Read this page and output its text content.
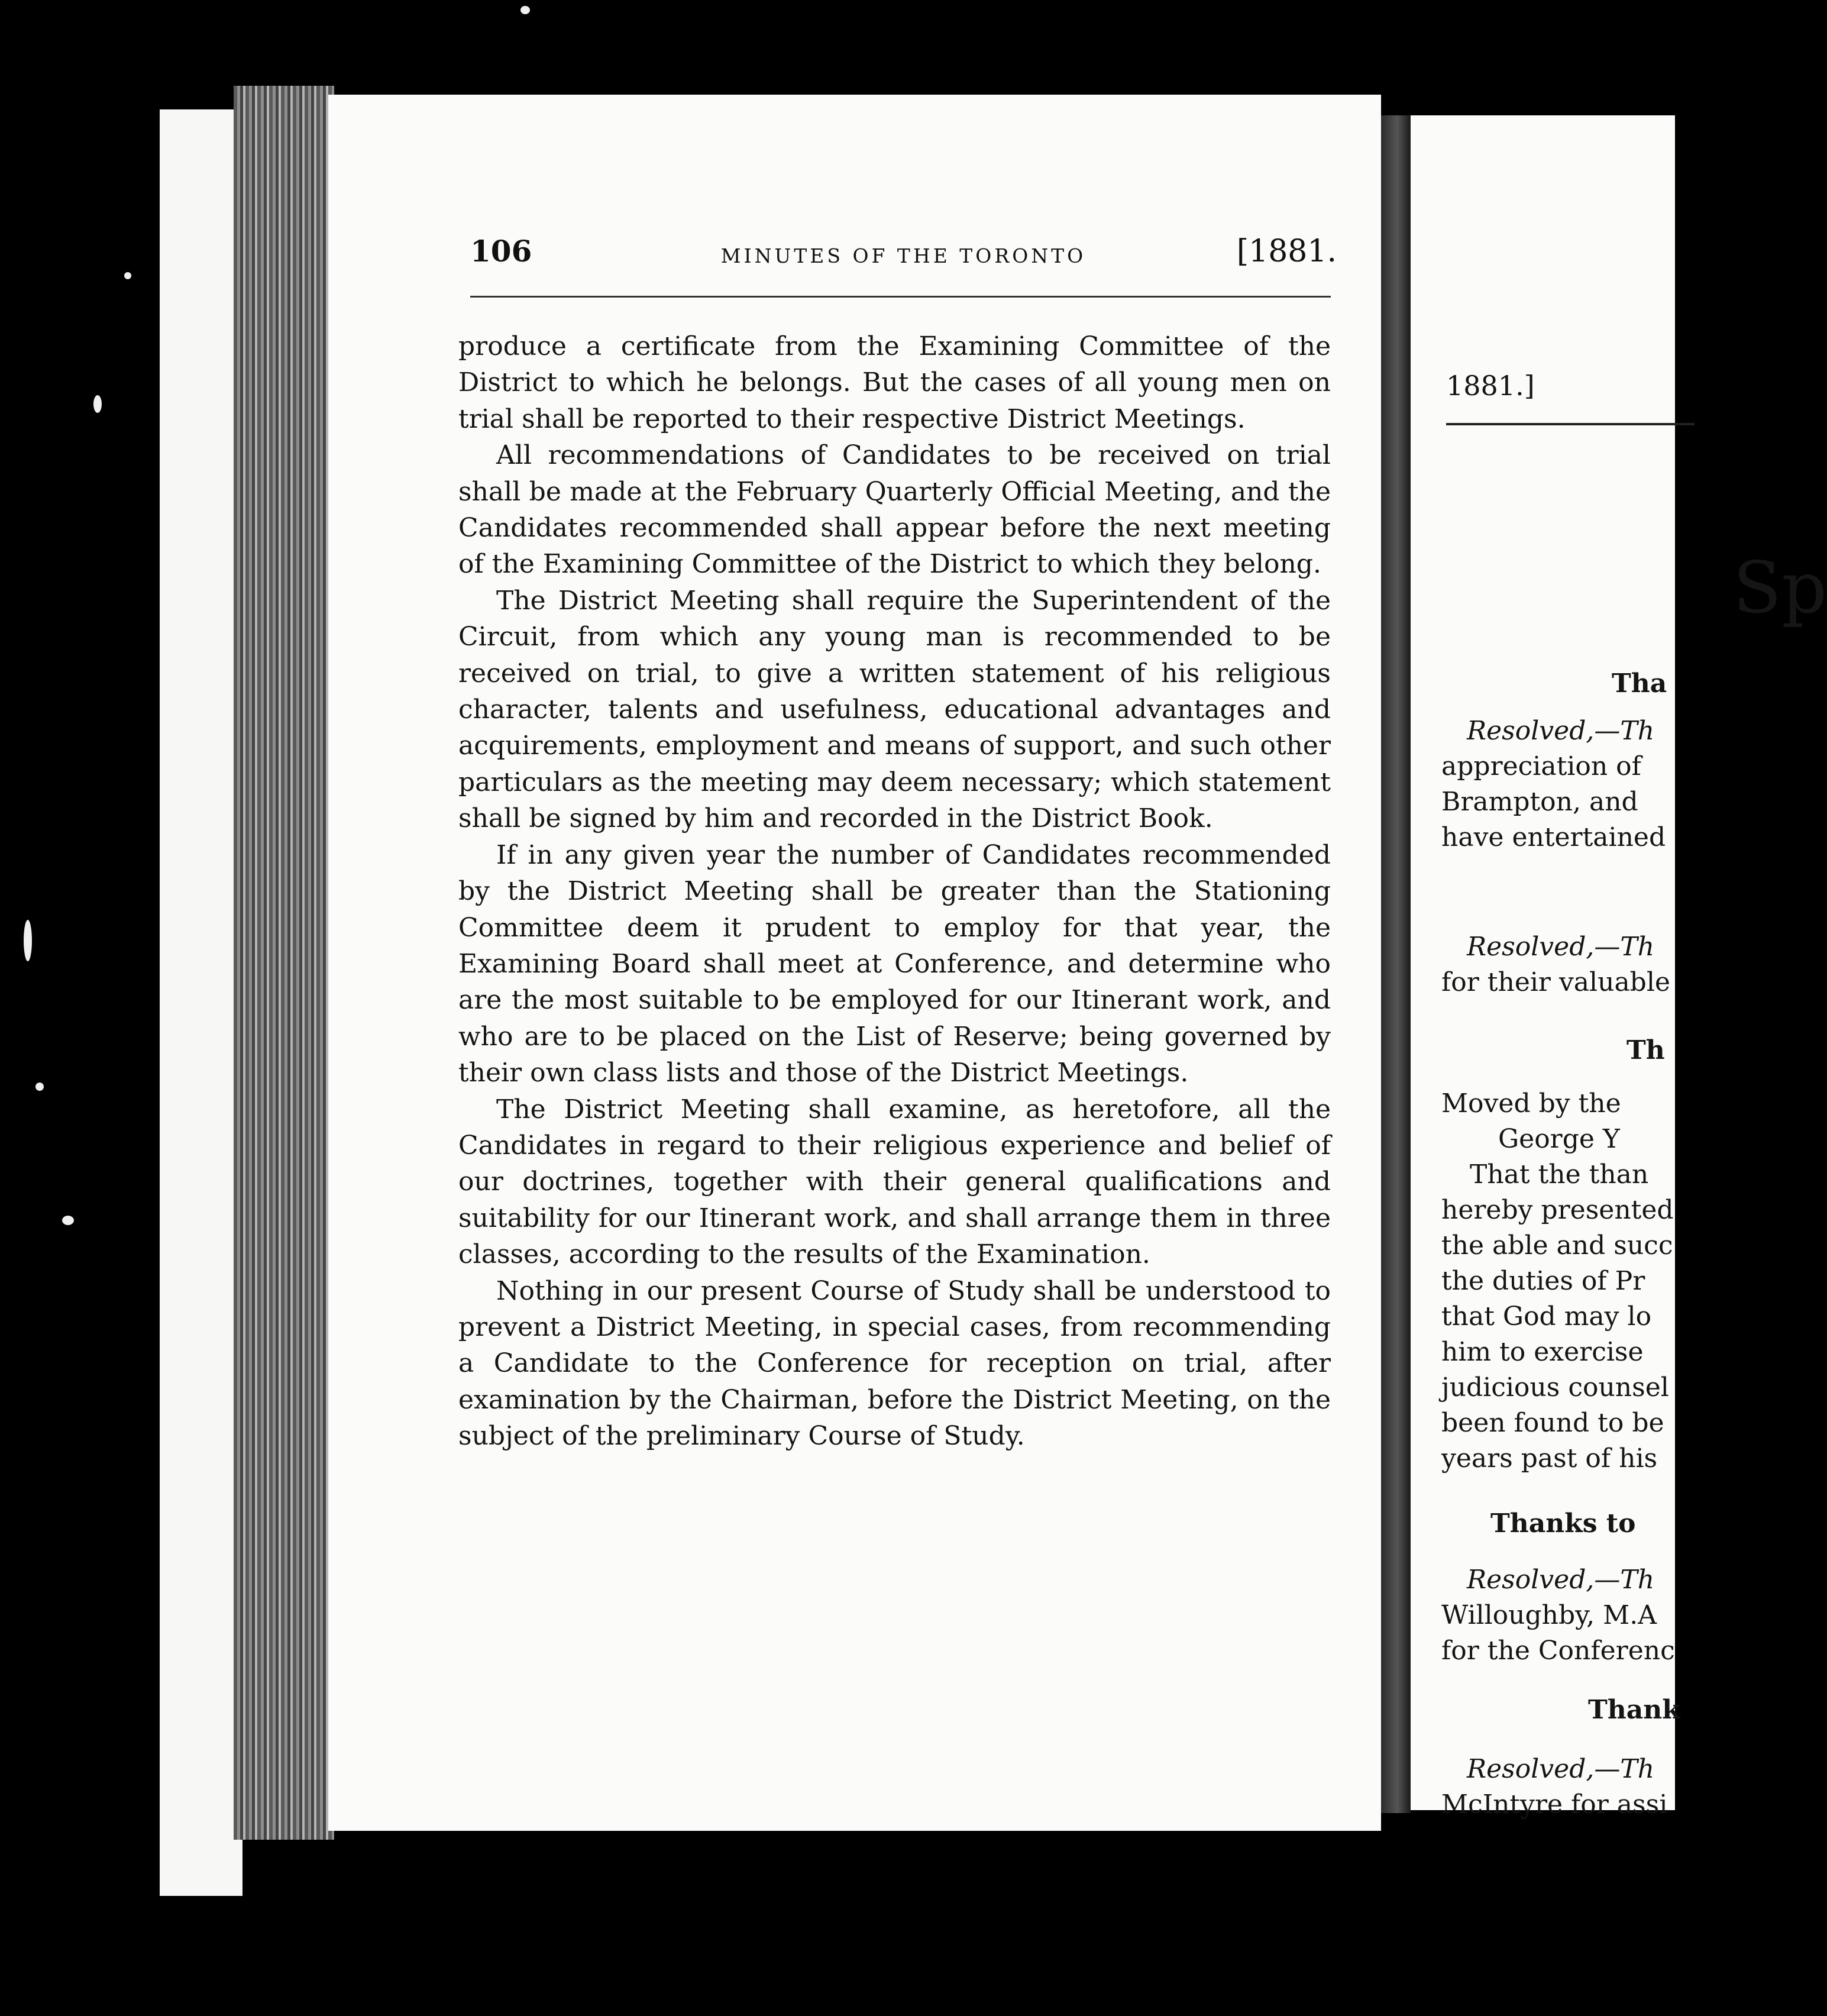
106	MINUTES OF THE TORONTO	[1881.

produce a certificate from the Examining Committee of the District to which he belongs. But the cases of all young men on trial shall be reported to their respective District Meetings.

All recommendations of Candidates to be received on trial shall be made at the February Quarterly Official Meeting, and the Candidates recommended shall appear before the next meeting of the Examining Committee of the District to which they belong.

The District Meeting shall require the Superintendent of the Circuit, from which any young man is recommended to be received on trial, to give a written statement of his religious character, talents and usefulness, educational advantages and acquirements, employment and means of support, and such other particulars as the meeting may deem necessary; which statement shall be signed by him and recorded in the District Book.

If in any given year the number of Candidates recommended by the District Meeting shall be greater than the Stationing Committee deem it prudent to employ for that year, the Examining Board shall meet at Conference, and determine who are the most suitable to be employed for our Itinerant work, and who are to be placed on the List of Reserve; being governed by their own class lists and those of the District Meetings.

The District Meeting shall examine, as heretofore, all the Candidates in regard to their religious experience and belief of our doctrines, together with their general qualifications and suitability for our Itinerant work, and shall arrange them in three classes, according to the results of the Examination.

Nothing in our present Course of Study shall be understood to prevent a District Meeting, in special cases, from recommending a Candidate to the Conference for reception on trial, after examination by the Chairman, before the District Meeting, on the subject of the preliminary Course of Study.

1881.]
Sp
Tha
Resolved,—Th
appreciation of
Brampton, and
have entertained
Resolved,—Th
for their valuable
Th
Moved by the
George Y
That the than
hereby presented
the able and succ
the duties of Pr
that God may lo
him to exercise
judicious counsel
been found to be
years past of his
Thanks to
Resolved,—Th
Willoughby, M.A
for the Conferenc
Thank
Resolved,—Th
McIntyre for assi
